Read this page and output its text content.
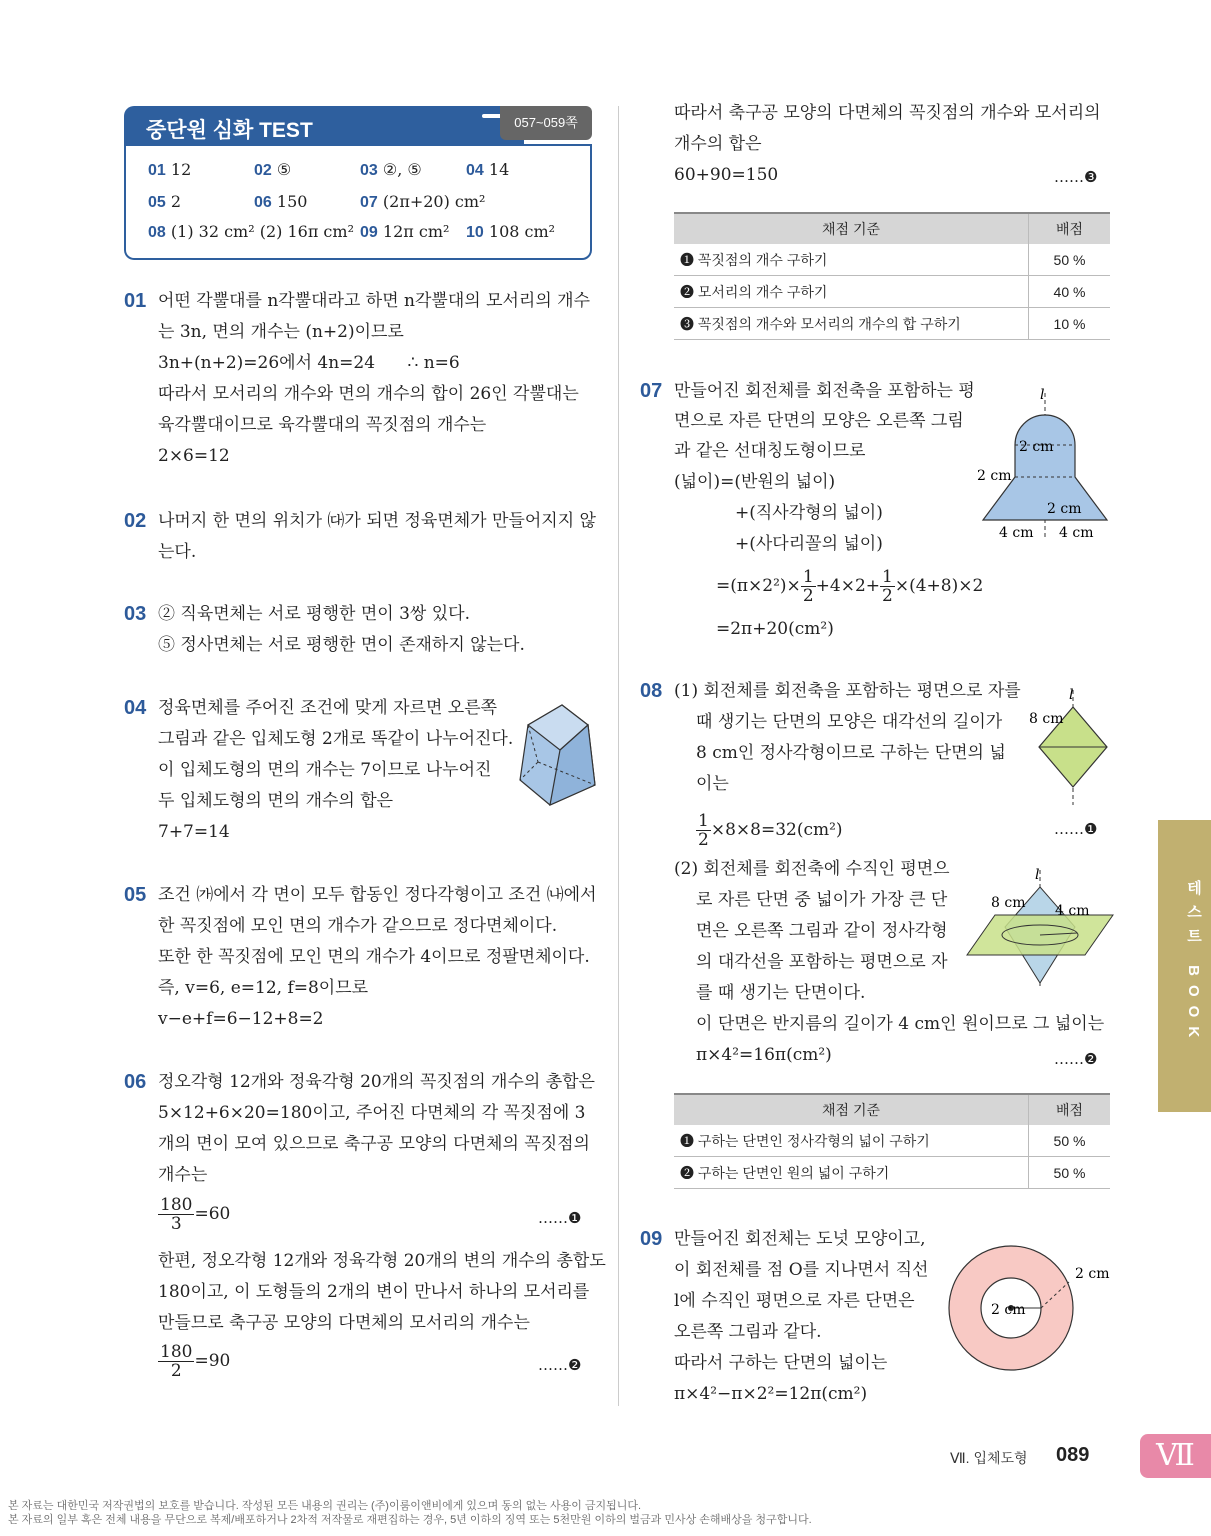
중단원 심화 TEST	057~059쪽
01 12	02 ⑤	03 ②, ⑤	04 14
05 2	06 150	07 (2π+20) cm²
08 (1) 32 cm² (2) 16π cm² 09 12π cm² 10 108 cm²
01 어떤 각뿔대를 n각뿔대라고 하면 n각뿔대의 모서리의 개수
는 3n, 면의 개수는 (n+2)이므로
3n+(n+2)=26에서 4n=24      ∴ n=6
따라서 모서리의 개수와 면의 개수의 합이 26인 각뿔대는
육각뿔대이므로 육각뿔대의 꼭짓점의 개수는
2×6=12
02 나머지 한 면의 위치가 ㈐가 되면 정육면체가 만들어지지 않
는다.
03 ② 직육면체는 서로 평행한 면이 3쌍 있다.
⑤ 정사면체는 서로 평행한 면이 존재하지 않는다.
04 정육면체를 주어진 조건에 맞게 자르면 오른쪽
그림과 같은 입체도형 2개로 똑같이 나누어진다.
이 입체도형의 면의 개수는 7이므로 나누어진
두 입체도형의 면의 개수의 합은
7+7=14
05 조건 ㈎에서 각 면이 모두 합동인 정다각형이고 조건 ㈏에서
한 꼭짓점에 모인 면의 개수가 같으므로 정다면체이다.
또한 한 꼭짓점에 모인 면의 개수가 4이므로 정팔면체이다.
즉, v=6, e=12, f=8이므로
v−e+f=6−12+8=2
06 정오각형 12개와 정육각형 20개의 꼭짓점의 개수의 총합은
5×12+6×20=180이고, 주어진 다면체의 각 꼭짓점에 3
개의 면이 모여 있으므로 축구공 모양의 다면체의 꼭짓점의
개수는
$\frac{180}{3} =60$	……❶
한편, 정오각형 12개와 정육각형 20개의 변의 개수의 총합도
180이고, 이 도형들의 2개의 변이 만나서 하나의 모서리를
만들므로 축구공 모양의 다면체의 모서리의 개수는
$\frac{180}{2} =90$	……❷
따라서 축구공 모양의 다면체의 꼭짓점의 개수와 모서리의
개수의 합은
60+90=150	……❸
채점 기준	배점
❶ 꼭짓점의 개수 구하기	50 %
❷ 모서리의 개수 구하기	40 %
❸ 꼭짓점의 개수와 모서리의 개수의 합 구하기	10 %
07 만들어진 회전체를 회전축을 포함하는 평
면으로 자른 단면의 모양은 오른쪽 그림
과 같은 선대칭도형이므로
(넓이)=(반원의 넓이)
+(직사각형의 넓이)
+(사다리꼴의 넓이)
$=(\pi\times 2^2)\times \frac{1}{2} +4\times 2+ \frac{1}{2} \times(4+8)\times 2$
=2π+20(cm²)
l
2 cm
2 cm
2 cm
4 cm 4 cm
08 (1) 회전체를 회전축을 포함하는 평면으로 자를
때 생기는 단면의 모양은 대각선의 길이가
8 cm인 정사각형이므로 구하는 단면의 넓
이는
$\frac{1}{2} \times 8\times 8=32(cm^2)$	……❶
l
8 cm
(2) 회전체를 회전축에 수직인 평면으
로 자른 단면 중 넓이가 가장 큰 단
면은 오른쪽 그림과 같이 정사각형
의 대각선을 포함하는 평면으로 자
를 때 생기는 단면이다.
이 단면은 반지름의 길이가 4 cm인 원이므로 그 넓이는
π×4²=16π(cm²)	……❷
l
8 cm 4 cm
채점 기준	배점
❶ 구하는 단면인 정사각형의 넓이 구하기	50 %
❷ 구하는 단면인 원의 넓이 구하기	50 %
09 만들어진 회전체는 도넛 모양이고,
이 회전체를 점 O를 지나면서 직선
l에 수직인 평면으로 자른 단면은
오른쪽 그림과 같다.
따라서 구하는 단면의 넓이는
π×4²−π×2²=12π(cm²)
2 cm
2 cm
테스트 BOOK
Ⅶ. 입체도형 089	Ⅶ
본 자료는 대한민국 저작권법의 보호를 받습니다. 작성된 모든 내용의 권리는 (주)이룸이앤비에게 있으며 동의 없는 사용이 금지됩니다.
본 자료의 일부 혹은 전체 내용을 무단으로 복제/배포하거나 2차적 저작물로 재편집하는 경우, 5년 이하의 징역 또는 5천만원 이하의 벌금과 민사상 손해배상을 청구합니다.
